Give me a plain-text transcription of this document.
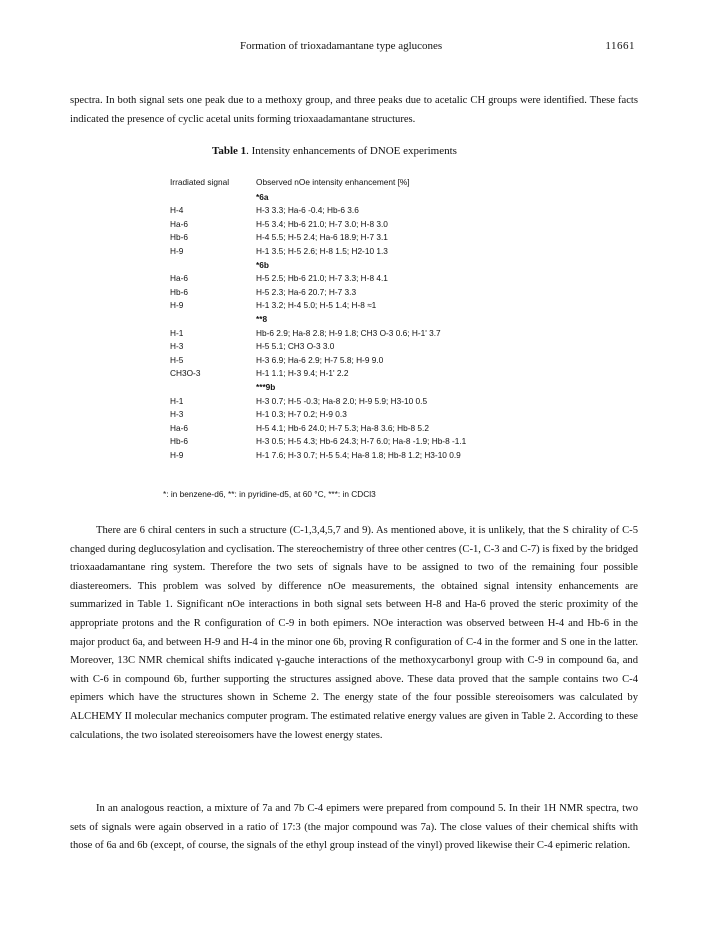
Formation of trioxadamantane type aglucones	11661

spectra. In both signal sets one peak due to a methoxy group, and three peaks due to acetalic CH groups were identified. These facts indicated the presence of cyclic acetal units forming trioxaadamantane structures.

Table 1. Intensity enhancements of DNOE experiments
Irradiated signal	Observed nOe intensity enhancement [%]
	*6a
H-4	H-3 3.3; Ha-6 -0.4; Hb-6 3.6
Ha-6	H-5 3.4; Hb-6 21.0; H-7 3.0; H-8 3.0
Hb-6	H-4 5.5; H-5 2.4; Ha-6 18.9; H-7 3.1
H-9	H-1 3.5; H-5 2.6; H-8 1.5; H2-10 1.3
	*6b
Ha-6	H-5 2.5; Hb-6 21.0; H-7 3.3; H-8 4.1
Hb-6	H-5 2.3; Ha-6 20.7; H-7 3.3
H-9	H-1 3.2; H-4 5.0; H-5 1.4; H-8 ≈1
	**8
H-1	Hb-6 2.9; Ha-8 2.8; H-9 1.8; CH3 O-3 0.6; H-1' 3.7
H-3	H-5 5.1; CH3 O-3 3.0
H-5	H-3 6.9; Ha-6 2.9; H-7 5.8; H-9 9.0
CH3O-3	H-1 1.1; H-3 9.4; H-1' 2.2
	***9b
H-1	H-3 0.7; H-5 -0.3; Ha-8 2.0; H-9 5.9; H3-10 0.5
H-3	H-1 0.3; H-7 0.2; H-9 0.3
Ha-6	H-5 4.1; Hb-6 24.0; H-7 5.3; Ha-8 3.6; Hb-8 5.2
Hb-6	H-3 0.5; H-5 4.3; Hb-6 24.3; H-7 6.0; Ha-8 -1.9; Hb-8 -1.1
H-9	H-1 7.6; H-3 0.7; H-5 5.4; Ha-8 1.8; Hb-8 1.2; H3-10 0.9
*: in benzene-d6, **: in pyridine-d5, at 60 °C, ***: in CDCl3

There are 6 chiral centers in such a structure (C-1,3,4,5,7 and 9). As mentioned above, it is unlikely, that the S chirality of C-5 changed during deglucosylation and cyclisation. The stereochemistry of three other centres (C-1, C-3 and C-7) is fixed by the bridged trioxaadamantane ring system. Therefore the two sets of signals have to be assigned to two of the remaining four possible diastereomers. This problem was solved by difference nOe measurements, the obtained signal intensity enhancements are summarized in Table 1. Significant nOe interactions in both signal sets between H-8 and Ha-6 proved the steric proximity of the appropriate protons and the R configuration of C-9 in both epimers. NOe interaction was observed between H-4 and Hb-6 in the major product 6a, and between H-9 and H-4 in the minor one 6b, proving R configuration of C-4 in the former and S one in the latter. Moreover, 13C NMR chemical shifts indicated γ-gauche interactions of the methoxycarbonyl group with C-9 in compound 6a, and with C-6 in compound 6b, further supporting the structures assigned above. These data proved that the sample contains two C-4 epimers which have the structures shown in Scheme 2. The energy state of the four possible stereoisomers was calculated by ALCHEMY II molecular mechanics computer program. The estimated relative energy values are given in Table 2. According to these calculations, the two isolated stereoisomers have the lowest energy states.

In an analogous reaction, a mixture of 7a and 7b C-4 epimers were prepared from compound 5. In their 1H NMR spectra, two sets of signals were again observed in a ratio of 17:3 (the major compound was 7a). The close values of their chemical shifts with those of 6a and 6b (except, of course, the signals of the ethyl group instead of the vinyl) proved likewise their C-4 epimeric relation.
